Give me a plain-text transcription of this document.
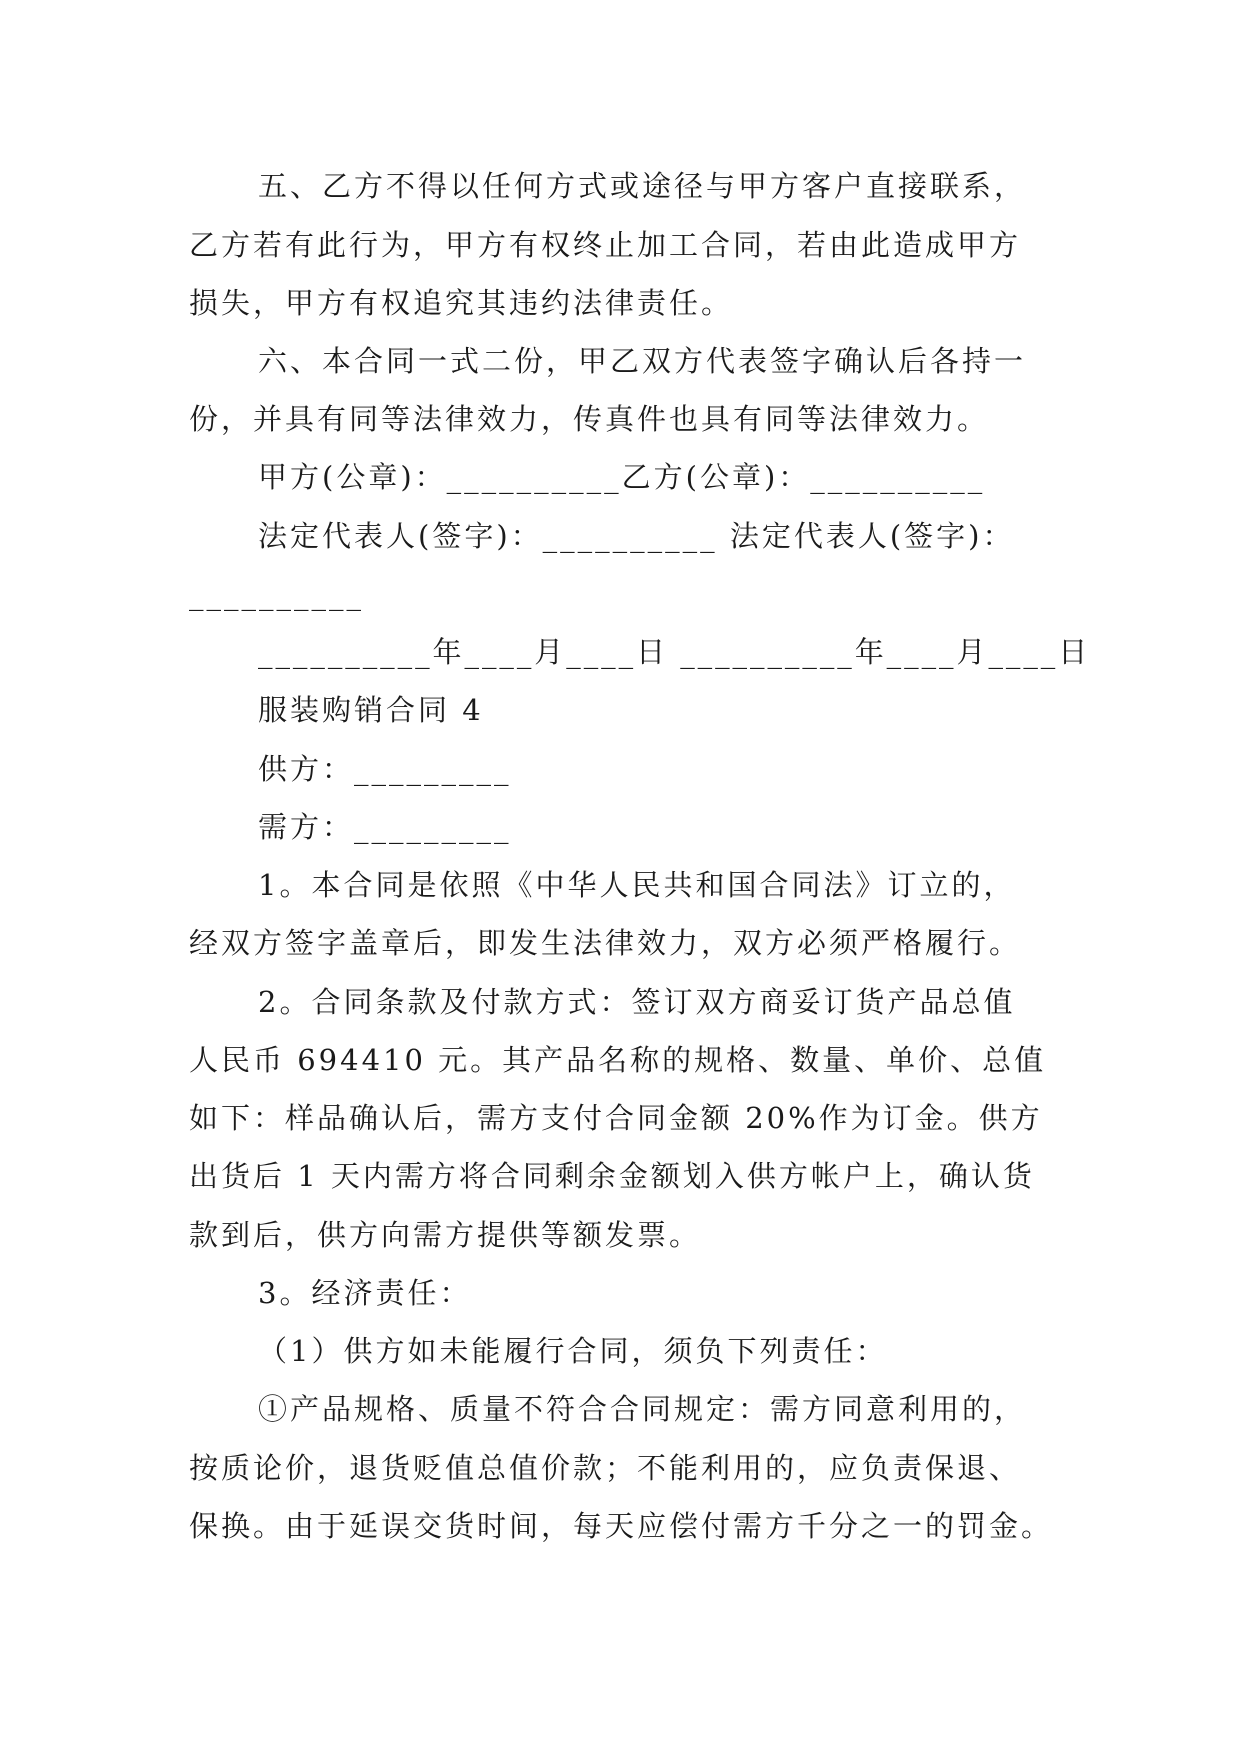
五、乙方不得以任何方式或途径与甲方客户直接联系，
乙方若有此行为，甲方有权终止加工合同，若由此造成甲方
损失，甲方有权追究其违约法律责任。
六、本合同一式二份，甲乙双方代表签字确认后各持一
份，并具有同等法律效力，传真件也具有同等法律效力。
甲方(公章)：__________乙方(公章)：__________
法定代表人(签字)：__________ 法定代表人(签字)：
__________
__________年____月____日 __________年____月____日
服装购销合同 4
供方：_________
需方：_________
1。本合同是依照《中华人民共和国合同法》订立的，
经双方签字盖章后，即发生法律效力，双方必须严格履行。
2。合同条款及付款方式：签订双方商妥订货产品总值
人民币 694410 元。其产品名称的规格、数量、单价、总值
如下：样品确认后，需方支付合同金额 20%作为订金。供方
出货后 1 天内需方将合同剩余金额划入供方帐户上，确认货
款到后，供方向需方提供等额发票。
3。经济责任：
（1）供方如未能履行合同，须负下列责任：
①产品规格、质量不符合合同规定：需方同意利用的，
按质论价，退货贬值总值价款；不能利用的，应负责保退、
保换。由于延误交货时间，每天应偿付需方千分之一的罚金。
